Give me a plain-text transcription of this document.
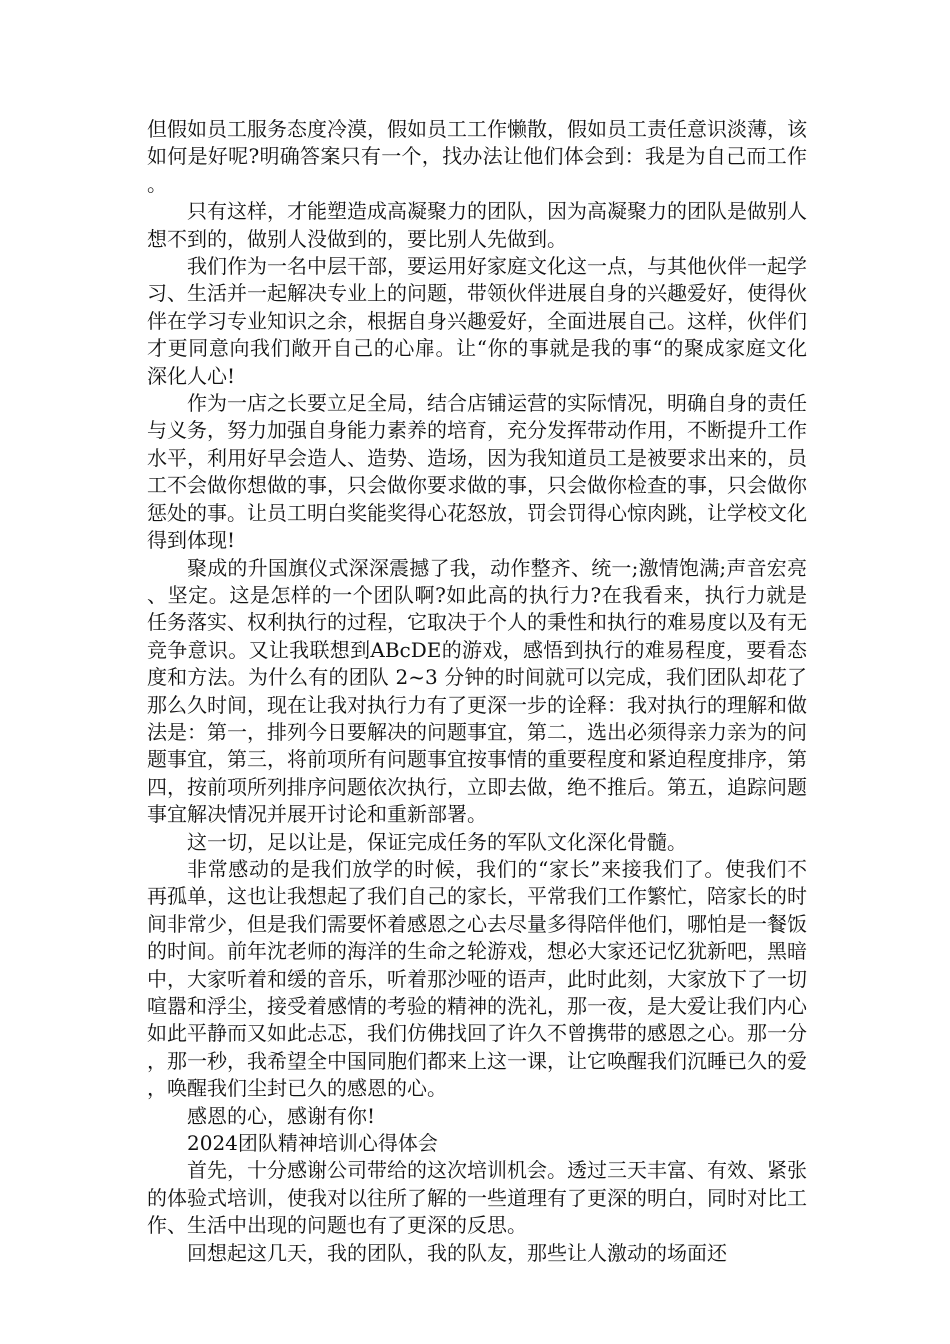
但假如员工服务态度冷漠，假如员工工作懒散，假如员工责任意识淡薄，该如何是好呢?明确答案只有一个，找办法让他们体会到：我是为自己而工作。

只有这样，才能塑造成高凝聚力的团队，因为高凝聚力的团队是做别人想不到的，做别人没做到的，要比别人先做到。

我们作为一名中层干部，要运用好家庭文化这一点，与其他伙伴一起学习、生活并一起解决专业上的问题，带领伙伴进展自身的兴趣爱好，使得伙伴在学习专业知识之余，根据自身兴趣爱好，全面进展自己。这样，伙伴们才更同意向我们敞开自己的心扉。让“你的事就是我的事“的聚成家庭文化深化人心!

作为一店之长要立足全局，结合店铺运营的实际情况，明确自身的责任与义务，努力加强自身能力素养的培育，充分发挥带动作用，不断提升工作水平，利用好早会造人、造势、造场，因为我知道员工是被要求出来的，员工不会做你想做的事，只会做你要求做的事，只会做你检查的事，只会做你惩处的事。让员工明白奖能奖得心花怒放，罚会罚得心惊肉跳，让学校文化得到体现!

聚成的升国旗仪式深深震撼了我，动作整齐、统一;激情饱满;声音宏亮、坚定。这是怎样的一个团队啊?如此高的执行力?在我看来，执行力就是任务落实、权利执行的过程，它取决于个人的秉性和执行的难易度以及有无竞争意识。又让我联想到ABcDE的游戏，感悟到执行的难易程度，要看态度和方法。为什么有的团队 2~3 分钟的时间就可以完成，我们团队却花了那么久时间，现在让我对执行力有了更深一步的诠释：我对执行的理解和做法是：第一，排列今日要解决的问题事宜，第二，选出必须得亲力亲为的问题事宜，第三，将前项所有问题事宜按事情的重要程度和紧迫程度排序，第四，按前项所列排序问题依次执行，立即去做，绝不推后。第五，追踪问题事宜解决情况并展开讨论和重新部署。

这一切，足以让是，保证完成任务的军队文化深化骨髓。

非常感动的是我们放学的时候，我们的“家长”来接我们了。使我们不再孤单，这也让我想起了我们自己的家长，平常我们工作繁忙，陪家长的时间非常少，但是我们需要怀着感恩之心去尽量多得陪伴他们，哪怕是一餐饭的时间。前年沈老师的海洋的生命之轮游戏，想必大家还记忆犹新吧，黑暗中，大家听着和缓的音乐，听着那沙哑的语声，此时此刻，大家放下了一切喧嚣和浮尘，接受着感情的考验的精神的洗礼，那一夜，是大爱让我们内心如此平静而又如此忐忑，我们仿佛找回了许久不曾携带的感恩之心。那一分，那一秒，我希望全中国同胞们都来上这一课，让它唤醒我们沉睡已久的爱，唤醒我们尘封已久的感恩的心。

感恩的心，感谢有你!

2024团队精神培训心得体会

首先，十分感谢公司带给的这次培训机会。透过三天丰富、有效、紧张的体验式培训，使我对以往所了解的一些道理有了更深的明白，同时对比工作、生活中出现的问题也有了更深的反思。

回想起这几天，我的团队，我的队友，那些让人激动的场面还
